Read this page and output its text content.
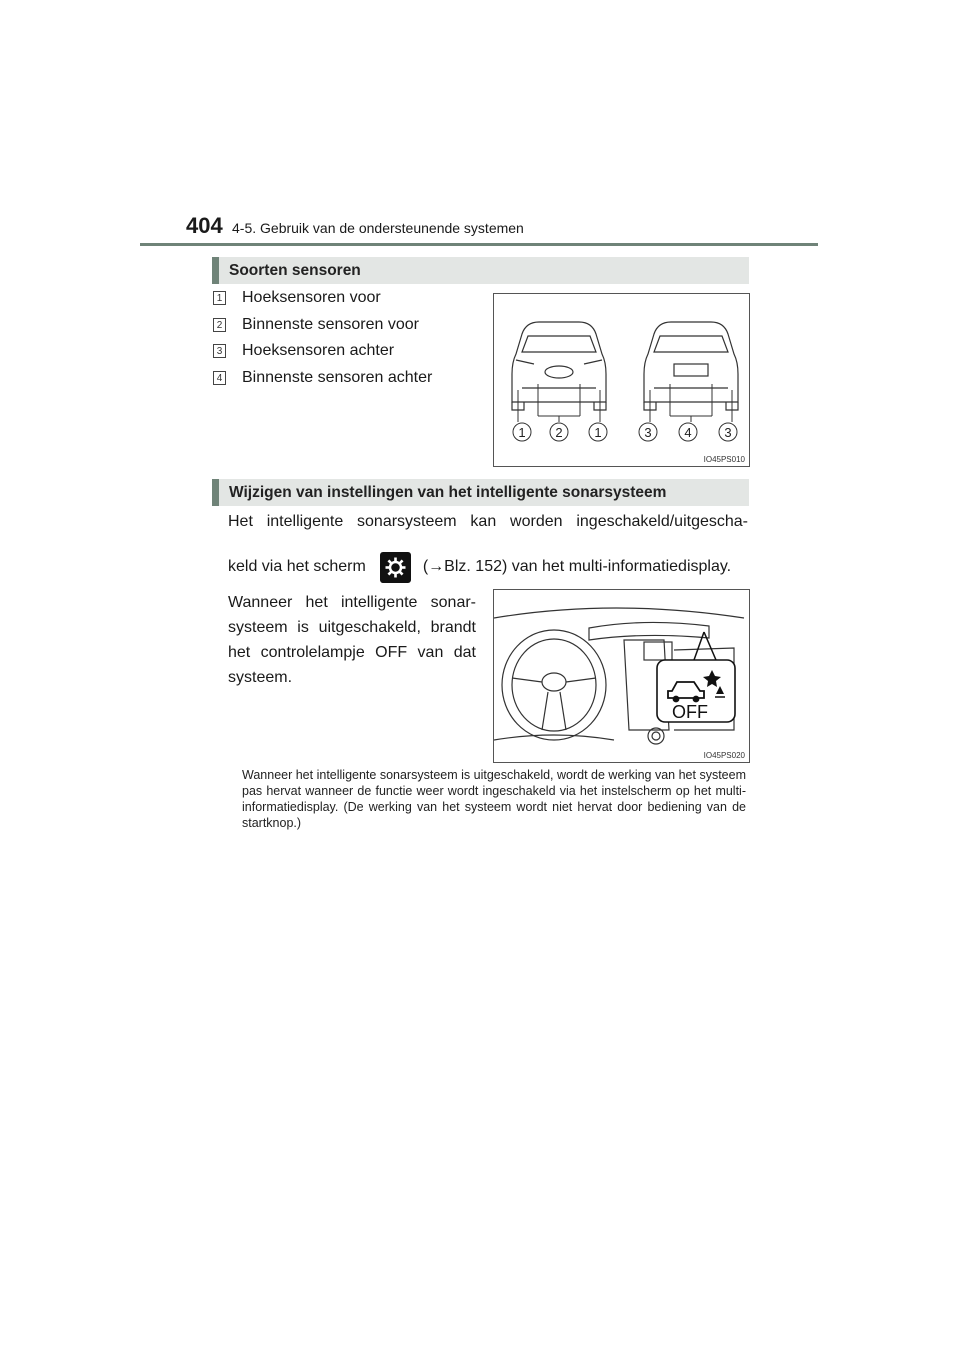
404 4-5. Gebruik van de ondersteunende systemen
Soorten sensoren
1 Hoeksensoren voor
2 Binnenste sensoren voor
3 Hoeksensoren achter
4 Binnenste sensoren achter
1 2 1	3	4	3
IO45PS010
Wijzigen van instellingen van het intelligente sonarsysteem
Het intelligente sonarsysteem kan worden ingeschakeld/uitgescha-
keld via het scherm	(→Blz. 152) van het multi-informatiedisplay.
Wanneer het intelligente sonar-systeem is uitgeschakeld, brandt het controlelampje OFF van dat systeem.
OFF
IO45PS020
Wanneer het intelligente sonarsysteem is uitgeschakeld, wordt de werking van het systeem pas hervat wanneer de functie weer wordt ingeschakeld via het instelscherm op het multi-informatiedisplay. (De werking van het systeem wordt niet hervat door bediening van de startknop.)
